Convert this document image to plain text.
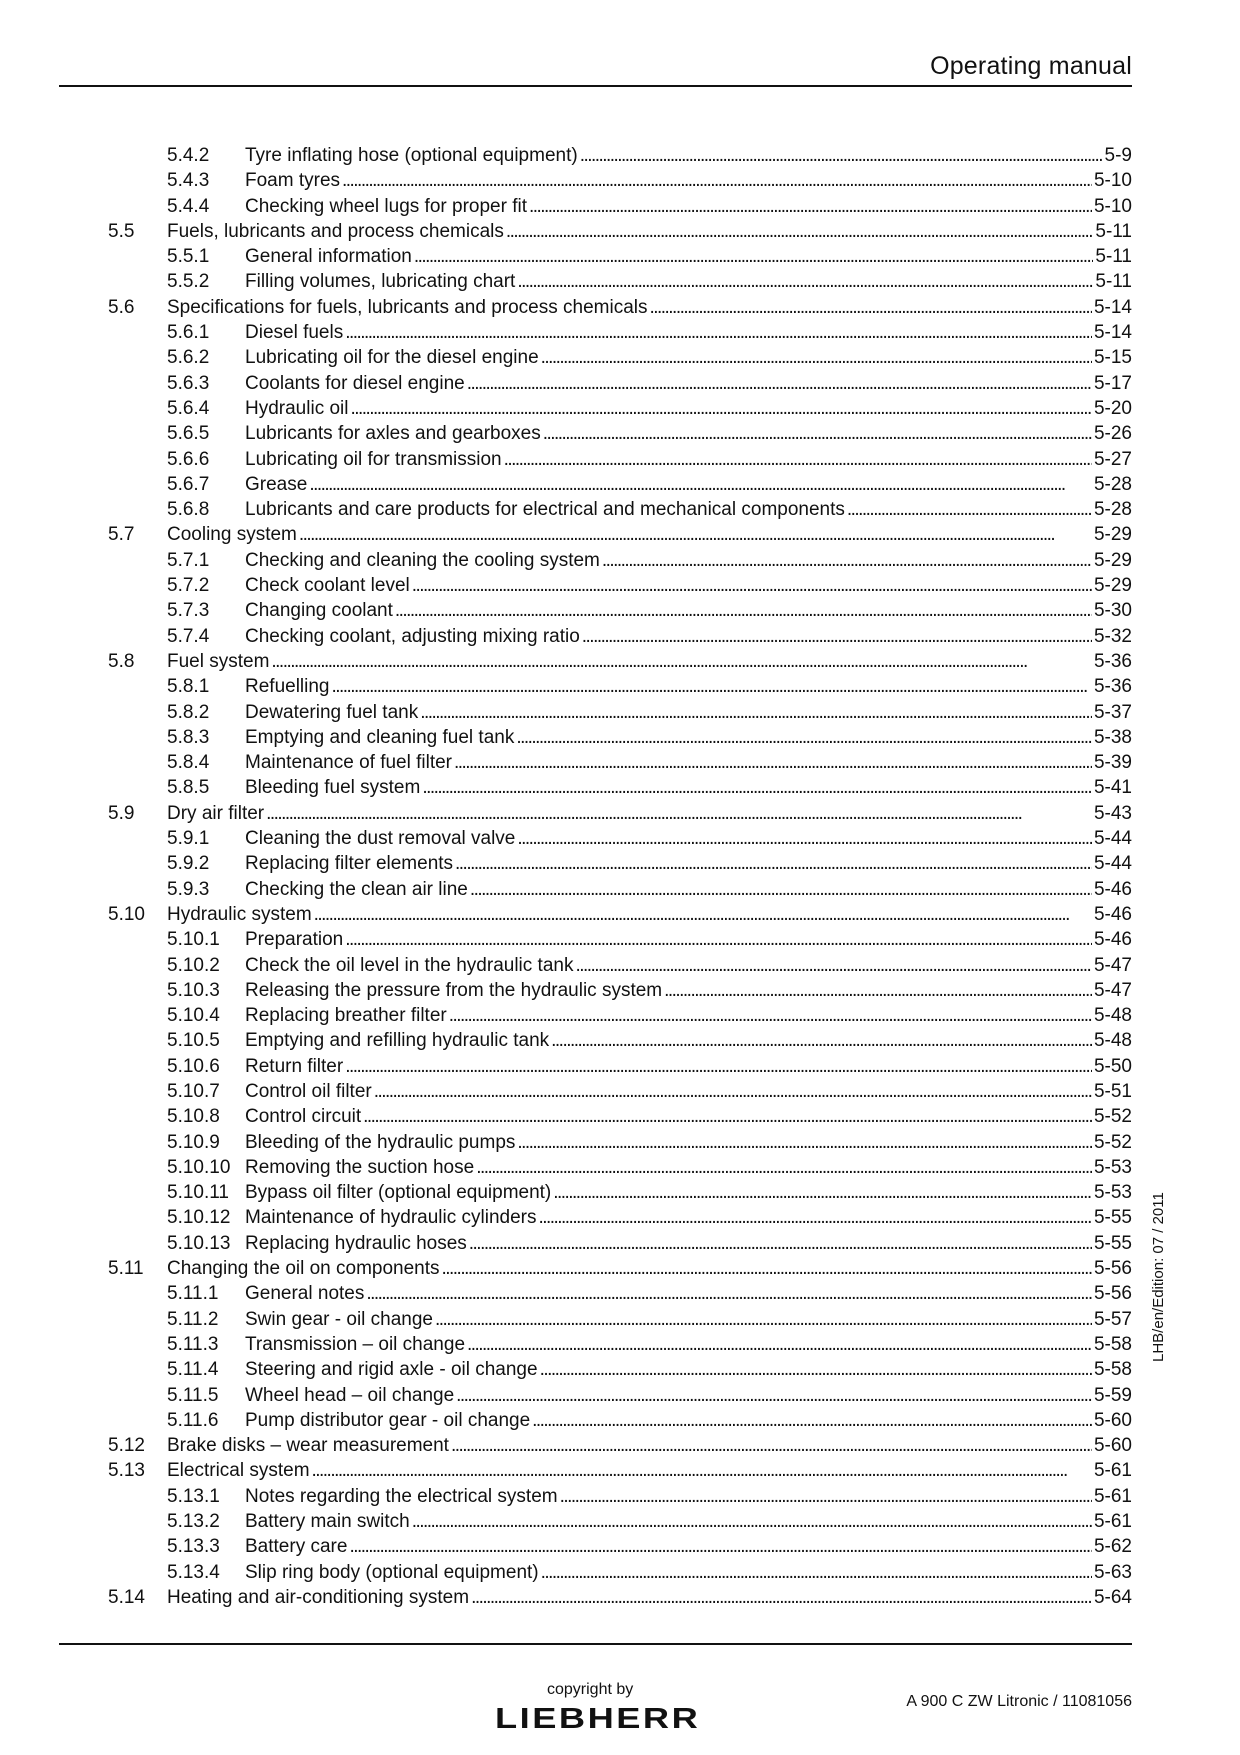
Operating manual
5.4.2 Tyre inflating hose (optional equipment) . . .	5-9
5.4.3 Foam tyres . . .	5-10
5.4.4 Checking wheel lugs for proper fit . . .	5-10
5.5 Fuels, lubricants and process chemicals . . .	5-11
5.5.1 General information . . .	5-11
5.5.2 Filling volumes, lubricating chart . . .	5-11
5.6 Specifications for fuels, lubricants and process chemicals . . .	5-14
5.6.1 Diesel fuels . . .	5-14
5.6.2 Lubricating oil for the diesel engine . . .	5-15
5.6.3 Coolants for diesel engine . . .	5-17
5.6.4 Hydraulic oil . . .	5-20
5.6.5 Lubricants for axles and gearboxes . . .	5-26
5.6.6 Lubricating oil for transmission . . .	5-27
5.6.7 Grease . . .	5-28
5.6.8 Lubricants and care products for electrical and mechanical components . . .	5-28
5.7 Cooling system . . .	5-29
5.7.1 Checking and cleaning the cooling system . . .	5-29
5.7.2 Check coolant level . . .	5-29
5.7.3 Changing coolant . . .	5-30
5.7.4 Checking coolant, adjusting mixing ratio . . .	5-32
5.8 Fuel system . . .	5-36
5.8.1 Refuelling . . .	5-36
5.8.2 Dewatering fuel tank . . .	5-37
5.8.3 Emptying and cleaning fuel tank . . .	5-38
5.8.4 Maintenance of fuel filter . . .	5-39
5.8.5 Bleeding fuel system . . .	5-41
5.9 Dry air filter . . .	5-43
5.9.1 Cleaning the dust removal valve . . .	5-44
5.9.2 Replacing filter elements . . .	5-44
5.9.3 Checking the clean air line . . .	5-46
5.10 Hydraulic system . . .	5-46
5.10.1 Preparation . . .	5-46
5.10.2 Check the oil level in the hydraulic tank . . .	5-47
5.10.3 Releasing the pressure from the hydraulic system . . .	5-47
5.10.4 Replacing breather filter . . .	5-48
5.10.5 Emptying and refilling hydraulic tank . . .	5-48
5.10.6 Return filter . . .	5-50
5.10.7 Control oil filter . . .	5-51
5.10.8 Control circuit . . .	5-52
5.10.9 Bleeding of the hydraulic pumps . . .	5-52
5.10.10 Removing the suction hose . . .	5-53
5.10.11 Bypass oil filter (optional equipment) . . .	5-53
5.10.12 Maintenance of hydraulic cylinders . . .	5-55
5.10.13 Replacing hydraulic hoses . . .	5-55
5.11 Changing the oil on components . . .	5-56
5.11.1 General notes . . .	5-56
5.11.2 Swin gear - oil change . . .	5-57
5.11.3 Transmission – oil change . . .	5-58
5.11.4 Steering and rigid axle - oil change . . .	5-58
5.11.5 Wheel head – oil change . . .	5-59
5.11.6 Pump distributor gear - oil change . . .	5-60
5.12 Brake disks – wear measurement . . .	5-60
5.13 Electrical system . . .	5-61
5.13.1 Notes regarding the electrical system . . .	5-61
5.13.2 Battery main switch . . .	5-61
5.13.3 Battery care . . .	5-62
5.13.4 Slip ring body (optional equipment) . . .	5-63
5.14 Heating and air-conditioning system . . .	5-64
LHB/en/Edition: 07 / 2011
copyright by
LIEBHERR
A 900 C ZW Litronic / 11081056
